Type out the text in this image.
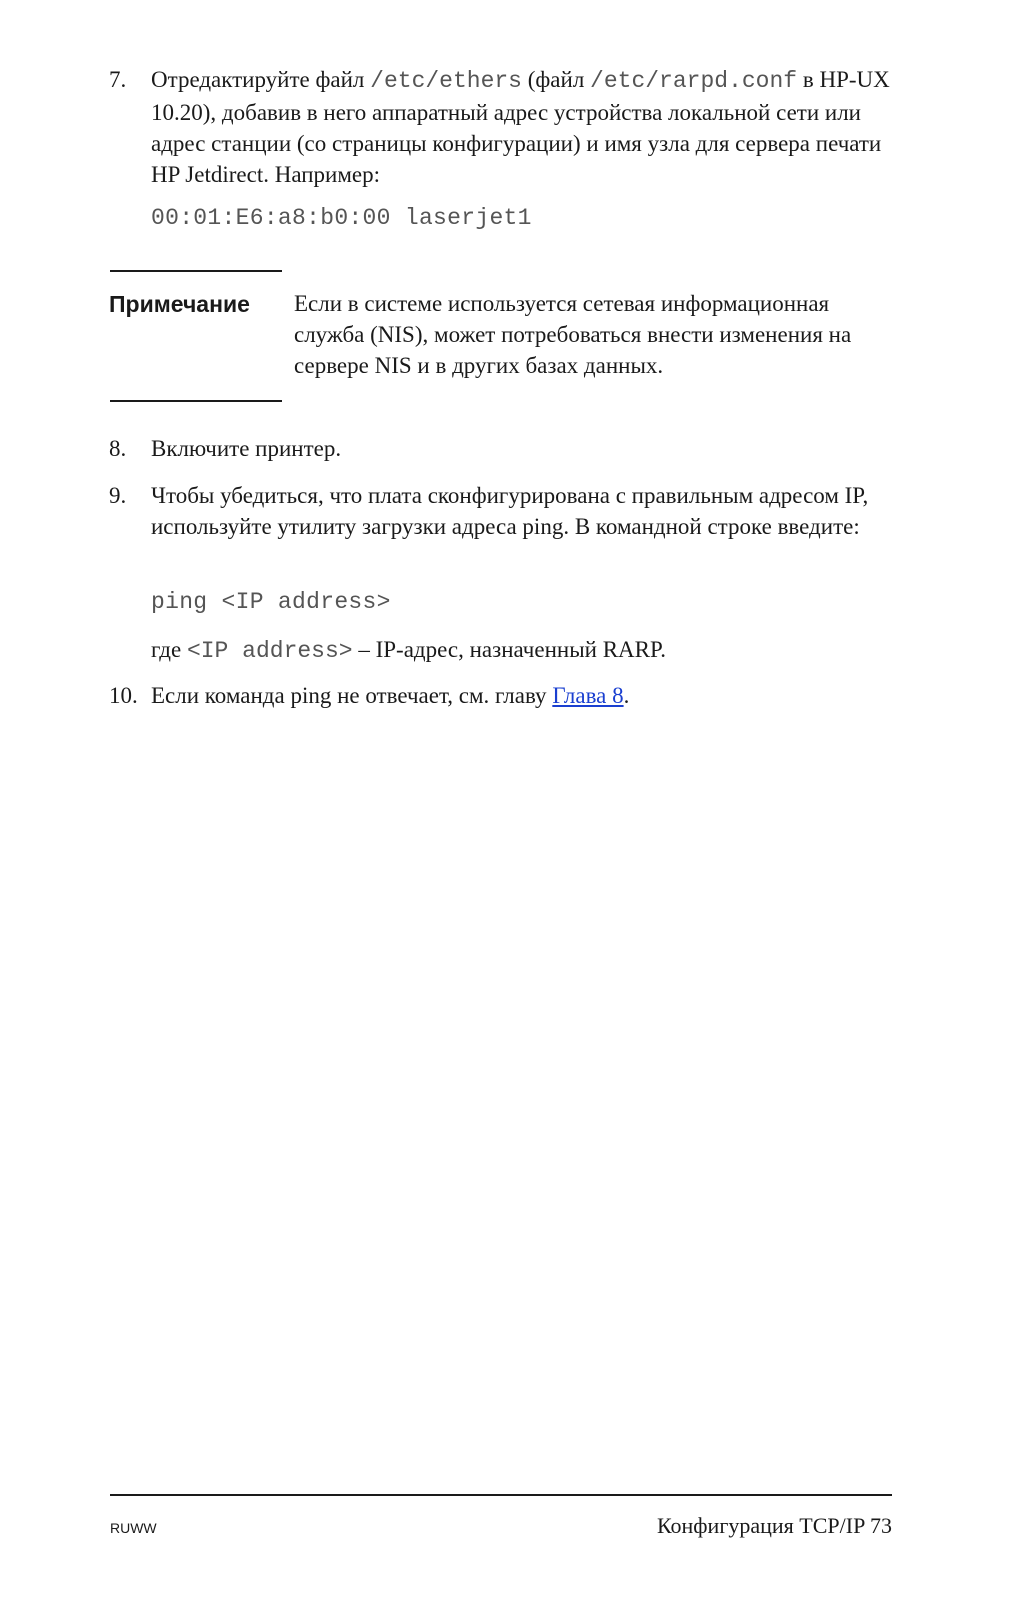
7. Отредактируйте файл /etc/ethers (файл /etc/rarpd.conf в HP-UX 10.20), добавив в него аппаратный адрес устройства локальной сети или адрес станции (со страницы конфигурации) и имя узла для сервера печати HP Jetdirect. Например:
00:01:E6:a8:b0:00 laserjet1
Примечание Если в системе используется сетевая информационная служба (NIS), может потребоваться внести изменения на сервере NIS и в других базах данных.
8. Включите принтер.
9. Чтобы убедиться, что плата сконфигурирована с правильным адресом IP, используйте утилиту загрузки адреса ping. В командной строке введите:
ping <IP address>
где <IP address> – IP-адрес, назначенный RARP.
10. Если команда ping не отвечает, см. главу Глава 8.
RUWW	Конфигурация TCP/IP 73
